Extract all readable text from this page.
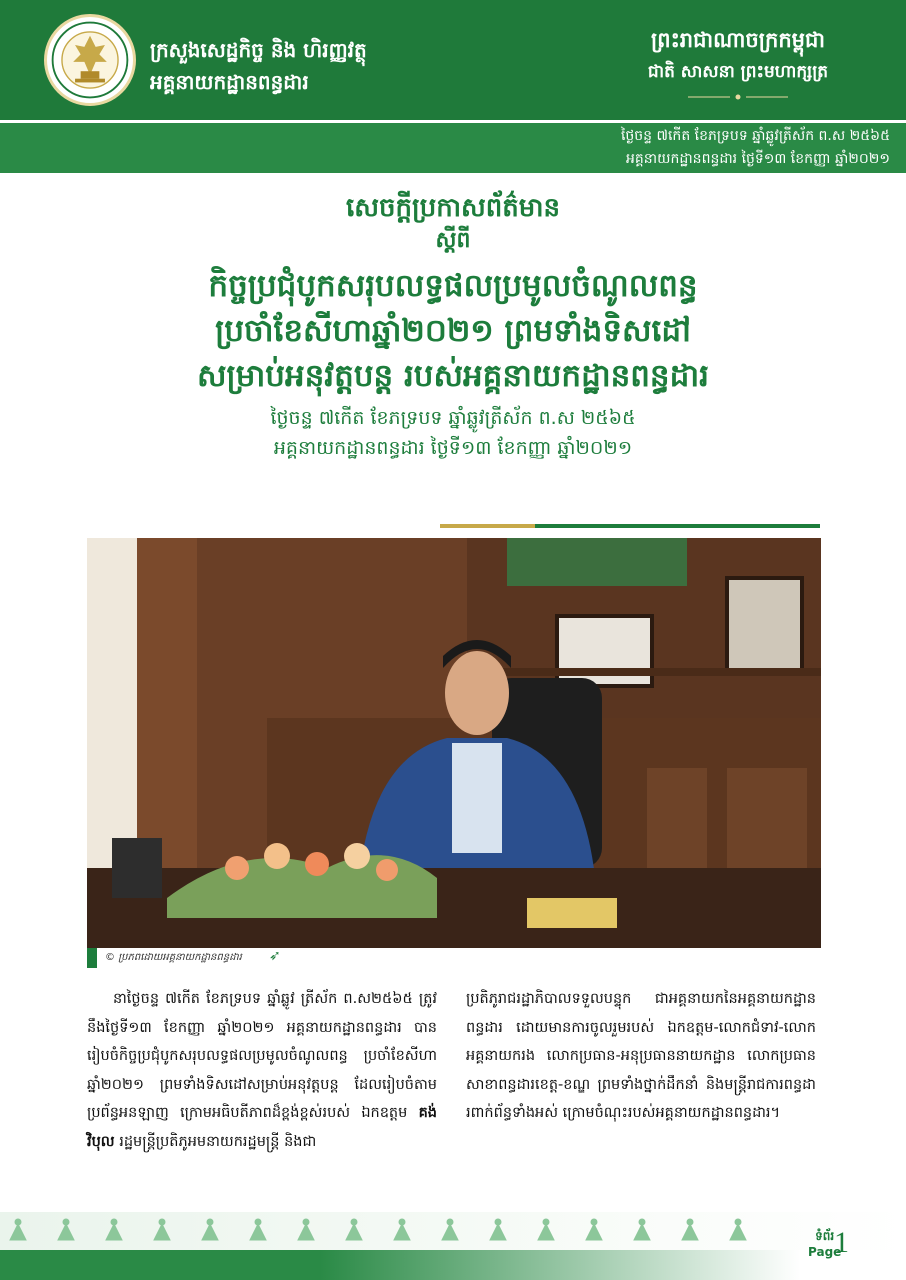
ក្រសួងសេដ្ឋកិច្ច និង ហិរញ្ញវត្ថុ
អគ្គនាយកដ្ឋានពន្ធដារ
ព្រះរាជាណាចក្រកម្ពុជា
ជាតិ សាសនា ព្រះមហាក្សត្រ
ថ្ងៃចន្ទ ៧កើត ខែភទ្របទ ឆ្នាំឆ្លូវត្រីស័ក ព.ស ២៥៦៥
អគ្គនាយកដ្ឋានពន្ធដារ ថ្ងៃទី១៣ ខែកញ្ញា ឆ្នាំ២០២១
សេចក្តីប្រកាសព័ត៌មាន
ស្តីពី
កិច្ចប្រជុំបូកសរុបលទ្ធផលប្រមូលចំណូលពន្ធ
ប្រចាំខែសីហាឆ្នាំ២០២១ ព្រមទាំងទិសដៅ
សម្រាប់អនុវត្តបន្ត របស់អគ្គនាយកដ្ឋានពន្ធដារ
ថ្ងៃចន្ទ ៧កើត ខែភទ្របទ ឆ្នាំឆ្លូវត្រីស័ក ព.ស ២៥៦៥
អគ្គនាយកដ្ឋានពន្ធដារ ថ្ងៃទី១៣ ខែកញ្ញា ឆ្នាំ២០២១
© ប្រភពដោយអគ្គនាយកដ្ឋានពន្ធដារ ➶
នាថ្ងៃចន្ទ ៧កើត ខែភទ្របទ ឆ្នាំឆ្លូវ ត្រីស័ក ព.ស២៥៦៥ ត្រូវនឹងថ្ងៃទី១៣ ខែកញ្ញា ឆ្នាំ២០២១ អគ្គនាយកដ្ឋានពន្ធដារ បានរៀបចំកិច្ចប្រជុំបូកសរុបលទ្ធផលប្រមូលចំណូលពន្ធ ប្រចាំខែសីហា ឆ្នាំ២០២១ ព្រមទាំងទិសដៅសម្រាប់អនុវត្តបន្ត ដែលរៀបចំតាមប្រព័ន្ធអនឡាញ ក្រោមអធិបតីភាពដ៏ខ្ពង់ខ្ពស់របស់ ឯកឧត្តម គង់ វិបុល រដ្ឋមន្ត្រីប្រតិភូអមនាយករដ្ឋមន្ត្រី និងជា
ប្រតិភូរាជរដ្ឋាភិបាលទទួលបន្ទុក ជាអគ្គនាយកនៃអគ្គនាយកដ្ឋានពន្ធដារ ដោយមានការចូលរួមរបស់ ឯកឧត្តម-លោកជំទាវ-លោកអគ្គនាយករង លោកប្រធាន-អនុប្រធាននាយកដ្ឋាន លោកប្រធានសាខាពន្ធដារខេត្ត-ខណ្ឌ ព្រមទាំងថ្នាក់ដឹកនាំ និងមន្ត្រីរាជការពន្ធដារពាក់ព័ន្ធទាំងអស់ ក្រោមចំណុះរបស់អគ្គនាយកដ្ឋានពន្ធដារ។
ទំព័រ
Page
1
